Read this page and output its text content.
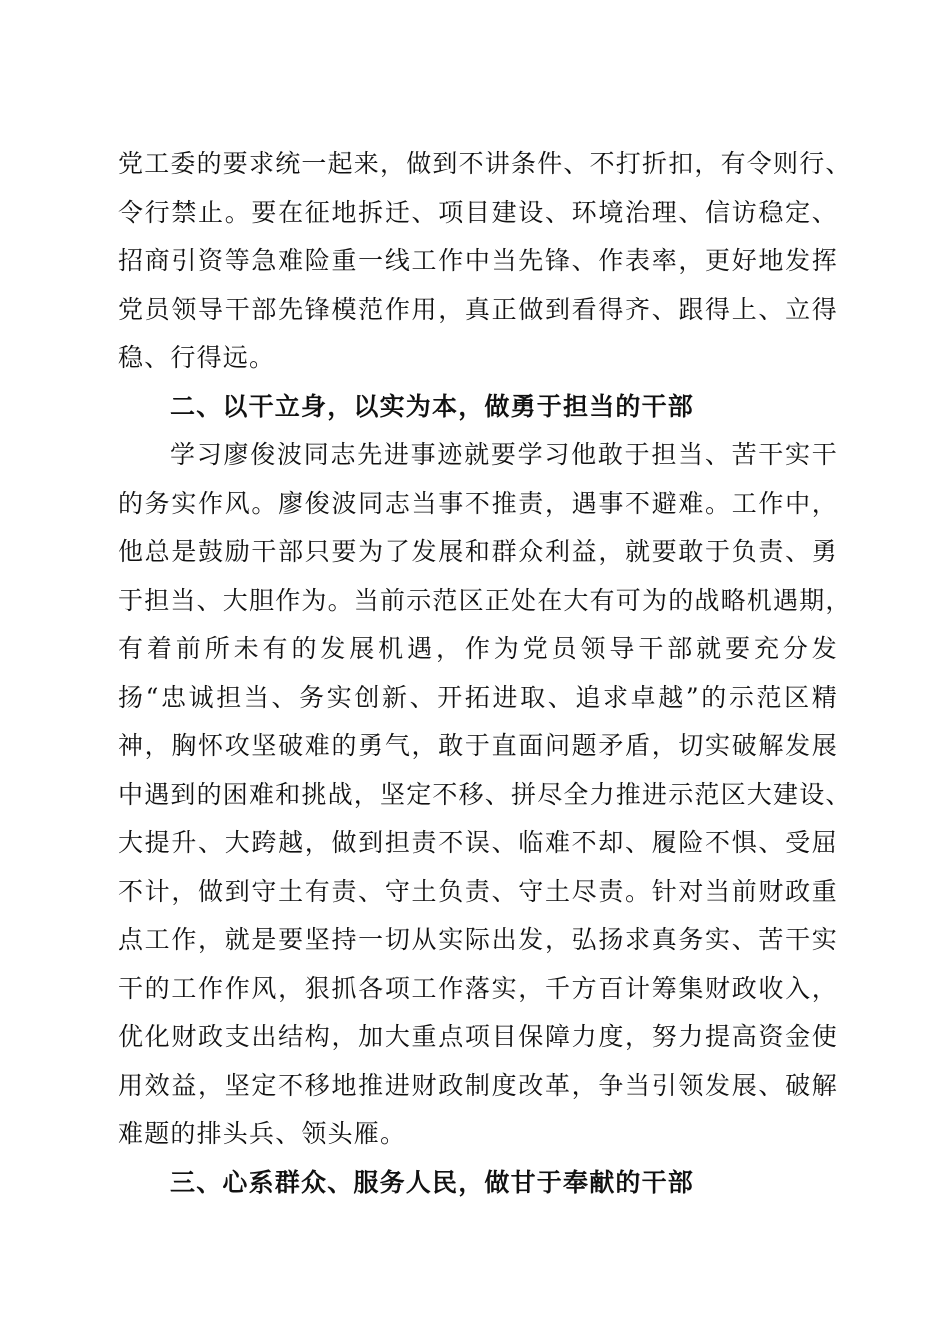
党工委的要求统一起来，做到不讲条件、不打折扣，有令则行、
令行禁止。要在征地拆迁、项目建设、环境治理、信访稳定、
招商引资等急难险重一线工作中当先锋、作表率，更好地发挥
党员领导干部先锋模范作用，真正做到看得齐、跟得上、立得
稳、行得远。
二、以干立身，以实为本，做勇于担当的干部
学习廖俊波同志先进事迹就要学习他敢于担当、苦干实干
的务实作风。廖俊波同志当事不推责，遇事不避难。工作中，
他总是鼓励干部只要为了发展和群众利益，就要敢于负责、勇
于担当、大胆作为。当前示范区正处在大有可为的战略机遇期，
有着前所未有的发展机遇，作为党员领导干部就要充分发
扬“忠诚担当、务实创新、开拓进取、追求卓越”的示范区精
神，胸怀攻坚破难的勇气，敢于直面问题矛盾，切实破解发展
中遇到的困难和挑战，坚定不移、拼尽全力推进示范区大建设、
大提升、大跨越，做到担责不误、临难不却、履险不惧、受屈
不计，做到守土有责、守土负责、守土尽责。针对当前财政重
点工作，就是要坚持一切从实际出发，弘扬求真务实、苦干实
干的工作作风，狠抓各项工作落实，千方百计筹集财政收入，
优化财政支出结构，加大重点项目保障力度，努力提高资金使
用效益，坚定不移地推进财政制度改革，争当引领发展、破解
难题的排头兵、领头雁。
三、心系群众、服务人民，做甘于奉献的干部
